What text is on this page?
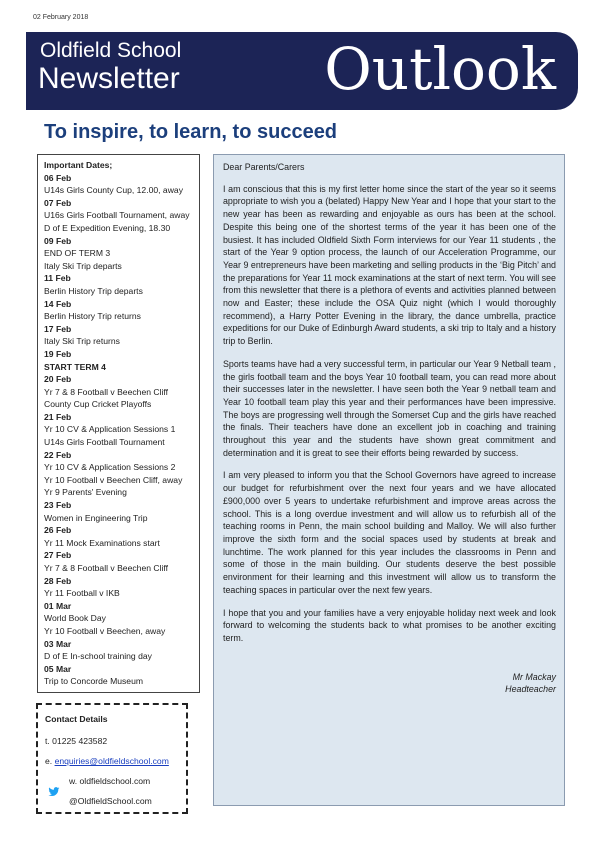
02 February 2018
Oldfield School
Newsletter Outlook
To inspire, to learn, to succeed
Important Dates;
06 Feb
U14s Girls County Cup, 12.00, away
07 Feb
U16s Girls Football Tournament, away
D of E Expedition Evening, 18.30
09 Feb
END OF TERM 3
Italy Ski Trip departs
11 Feb
Berlin History Trip departs
14 Feb
Berlin History Trip returns
17 Feb
Italy Ski Trip returns
19 Feb
START TERM 4
20 Feb
Yr 7 & 8 Football v Beechen Cliff
County Cup Cricket Playoffs
21 Feb
Yr 10 CV & Application Sessions 1
U14s Girls Football Tournament
22 Feb
Yr 10 CV & Application Sessions 2
Yr 10 Football v Beechen Cliff, away
Yr 9 Parents' Evening
23 Feb
Women in Engineering Trip
26 Feb
Yr 11 Mock Examinations start
27 Feb
Yr 7 & 8 Football v Beechen Cliff
28 Feb
Yr 11 Football v IKB
01 Mar
World Book Day
Yr 10 Football v Beechen, away
03 Mar
D of E In-school training day
05 Mar
Trip to Concorde Museum
Contact Details
t. 01225 423582
e. enquiries@oldfieldschool.com
w. oldfieldschool.com
@OldfieldSchool.com

Dear Parents/Carers

I am conscious that this is my first letter home since the start of the year so it seems appropriate to wish you a (belated) Happy New Year and I hope that your start to the new year has been as rewarding and enjoyable as ours has been at the school. Despite this being one of the shortest terms of the year it has been one of the busiest. It has included Oldfield Sixth Form interviews for our Year 11 students , the start of the Year 9 option process, the launch of our Acceleration Programme, our Year 9 entrepreneurs have been marketing and selling products in the ‘Big Pitch’ and the preparations for Year 11 mock examinations at the start of next term. You will see from this newsletter that there is a plethora of events and activities planned between now and Easter; these include the OSA Quiz night (which I would thoroughly recommend), a Harry Potter Evening in the library, the dance umbrella, practice expeditions for our Duke of Edinburgh Award students, a ski trip to Italy and a history trip to Berlin.

Sports teams have had a very successful term, in particular our Year 9 Netball team , the girls football team and the boys Year 10 football team, you can read more about their successes later in the newsletter. I have seen both the Year 9 netball team and Year 10 football team play this year and their performances have been impressive. The boys are progressing well through the Somerset Cup and the girls have reached the finals. Their teachers have done an excellent job in coaching and training throughout this year and the students have shown great commitment and determination and it is great to see their efforts being rewarded by success.

I am very pleased to inform you that the School Governors have agreed to increase our budget for refurbishment over the next four years and we have allocated £900,000 over 5 years to undertake refurbishment and improve areas across the school. This is a long overdue investment and will allow us to refurbish all of the teaching rooms in Penn, the main school building and Malloy. We will also further improve the sixth form and the social spaces used by students at break and lunchtime. The work planned for this year includes the classrooms in Penn and some of those in the main building. Our students deserve the best possible environment for their learning and this investment will allow us to transform the teaching spaces in particular over the next few years.

I hope that you and your families have a very enjoyable holiday next week and look forward to welcoming the students back to what promises to be another exciting term.

Mr Mackay
Headteacher
